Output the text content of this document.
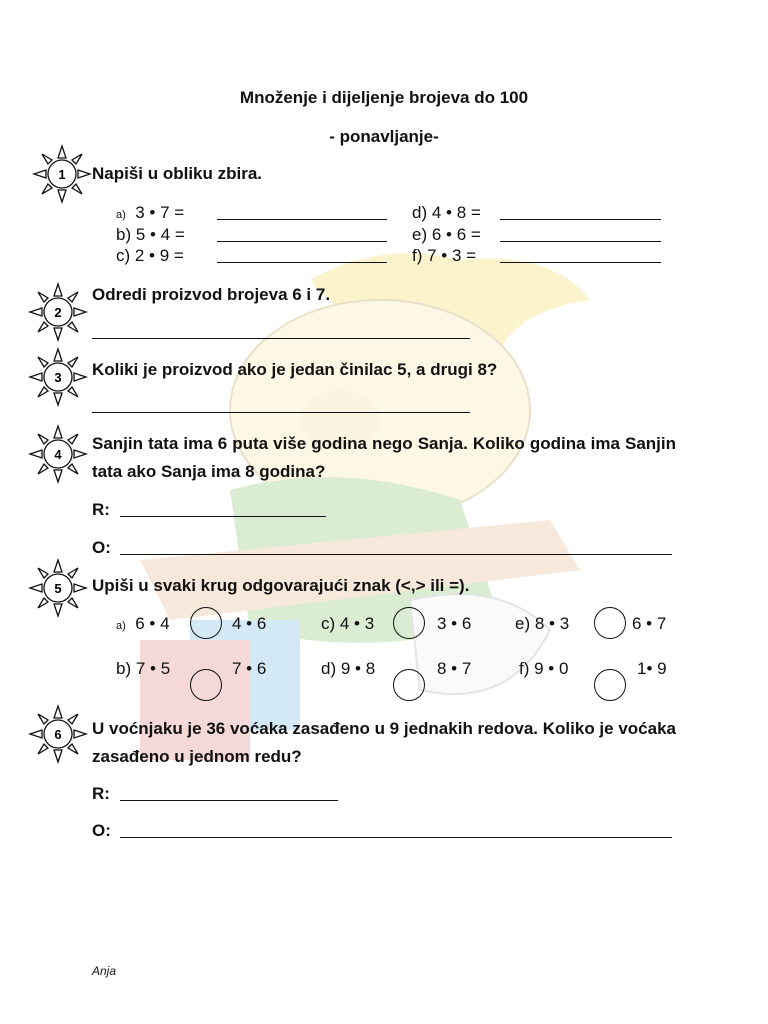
Množenje i dijeljenje brojeva do 100
- ponavljanje-
1
2
3
4
5
6
Napiši u obliku zbira.
a) 3 • 7 =	d) 4 • 8 =
b) 5 • 4 =	e) 6 • 6 =
c) 2 • 9 =	f) 7 • 3 =
Odredi proizvod brojeva 6 i 7.
Koliki je proizvod ako je jedan činilac 5, a drugi 8?
Sanjin tata ima 6 puta više godina nego Sanja. Koliko godina ima Sanjin tata ako Sanja ima 8 godina?
R:
O:
Upiši u svaki krug odgovarajući znak (<,> ili =).
a) 6 • 4	4 • 6	c) 4 • 3	3 • 6	e) 8 • 3	6 • 7
b) 7 • 5	7 • 6	d) 9 • 8	8 • 7	f) 9 • 0	1• 9
U voćnjaku je 36 voćaka zasađeno u 9 jednakih redova. Koliko je voćaka zasađeno u jednom redu?
R:
O:
Anja
